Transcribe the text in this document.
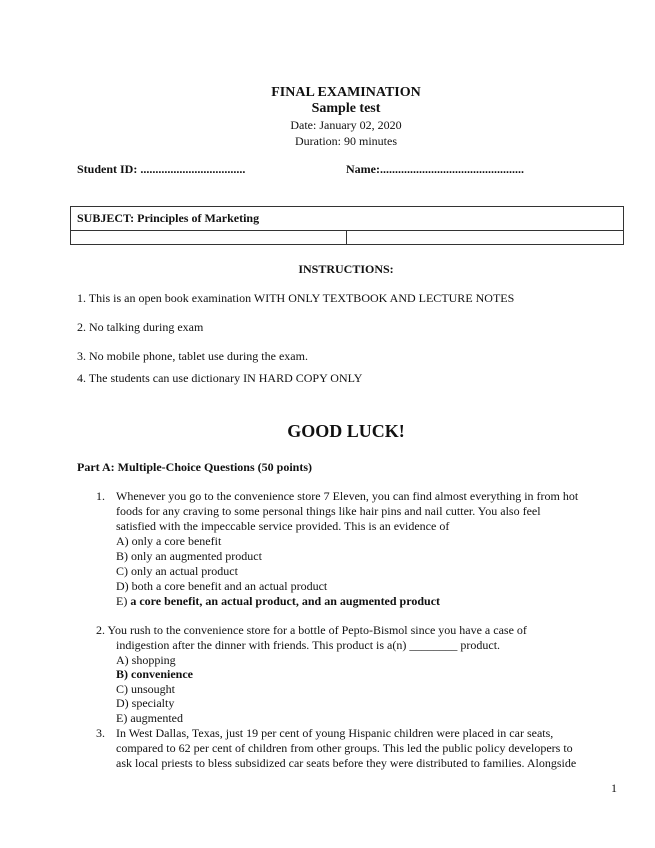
FINAL EXAMINATION
Sample test
Date: January 02, 2020
Duration: 90 minutes
Student ID: ...................................	Name:................................................
SUBJECT: Principles of Marketing

INSTRUCTIONS:
1. This is an open book examination WITH ONLY TEXTBOOK AND LECTURE NOTES
2. No talking during exam
3. No mobile phone, tablet use during the exam.
4. The students can use dictionary IN HARD COPY ONLY
GOOD LUCK!
Part A: Multiple-Choice Questions (50 points)
1. Whenever you go to the convenience store 7 Eleven, you can find almost everything in from hot
foods for any craving to some personal things like hair pins and nail cutter. You also feel
satisfied with the impeccable service provided. This is an evidence of
A) only a core benefit
B) only an augmented product
C) only an actual product
D) both a core benefit and an actual product
E) a core benefit, an actual product, and an augmented product
2. You rush to the convenience store for a bottle of Pepto-Bismol since you have a case of
indigestion after the dinner with friends. This product is a(n) ________ product.
A) shopping
B) convenience
C) unsought
D) specialty
E) augmented
3. In West Dallas, Texas, just 19 per cent of young Hispanic children were placed in car seats,
compared to 62 per cent of children from other groups. This led the public policy developers to
ask local priests to bless subsidized car seats before they were distributed to families. Alongside
1
